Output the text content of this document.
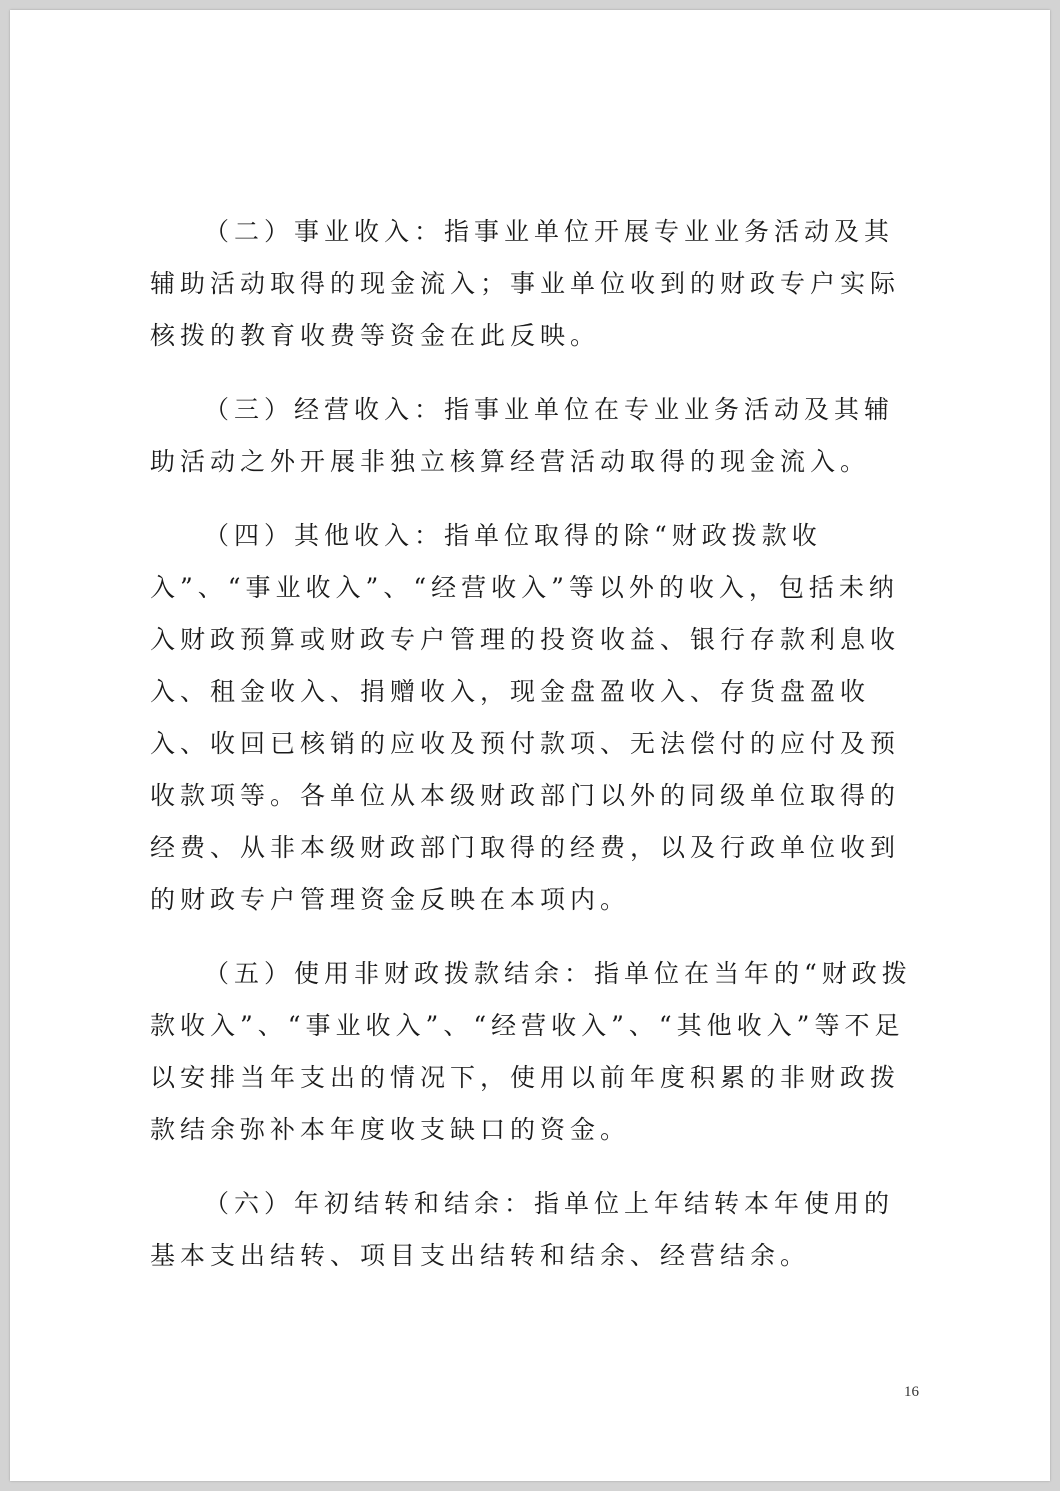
（二）事业收入：指事业单位开展专业业务活动及其辅助活动取得的现金流入；事业单位收到的财政专户实际核拨的教育收费等资金在此反映。

（三）经营收入：指事业单位在专业业务活动及其辅助活动之外开展非独立核算经营活动取得的现金流入。

（四）其他收入：指单位取得的除“财政拨款收入”、“事业收入”、“经营收入”等以外的收入，包括未纳入财政预算或财政专户管理的投资收益、银行存款利息收入、租金收入、捐赠收入，现金盘盈收入、存货盘盈收入、收回已核销的应收及预付款项、无法偿付的应付及预收款项等。各单位从本级财政部门以外的同级单位取得的经费、从非本级财政部门取得的经费，以及行政单位收到的财政专户管理资金反映在本项内。

（五）使用非财政拨款结余：指单位在当年的“财政拨款收入”、“事业收入”、“经营收入”、“其他收入”等不足以安排当年支出的情况下，使用以前年度积累的非财政拨款结余弥补本年度收支缺口的资金。

（六）年初结转和结余：指单位上年结转本年使用的基本支出结转、项目支出结转和结余、经营结余。

16
